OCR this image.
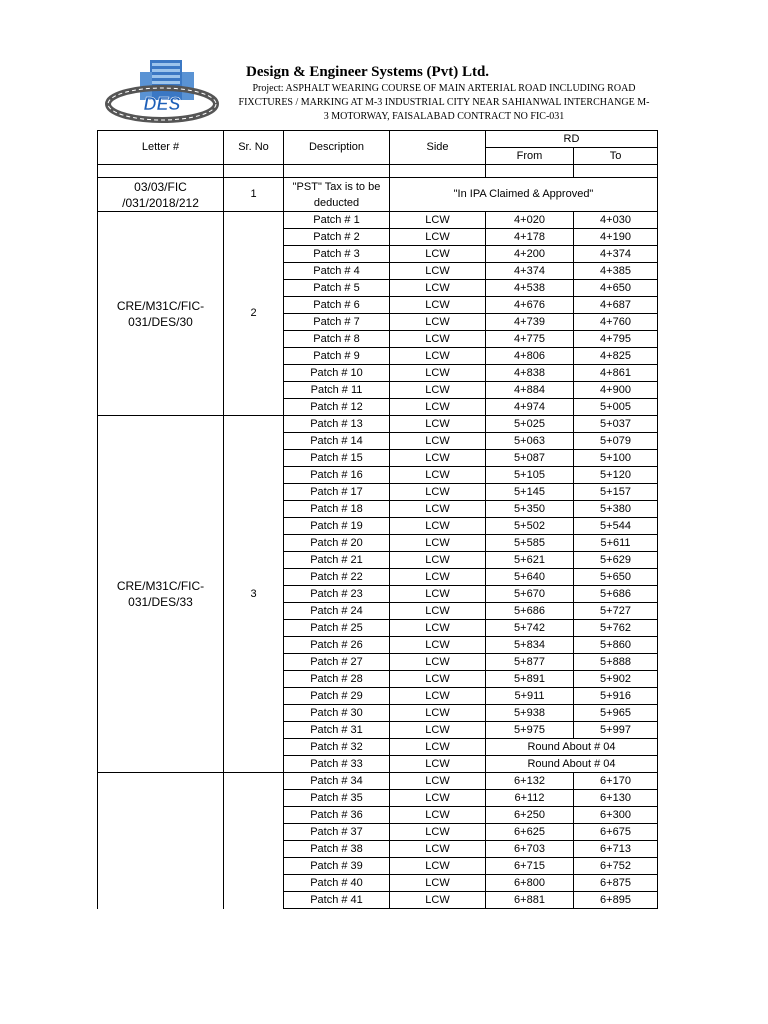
DES
Design & Engineer Systems (Pvt) Ltd.
Project: ASPHALT WEARING COURSE OF MAIN ARTERIAL ROAD INCLUDING ROAD
FIXCTURES / MARKING AT M-3 INDUSTRIAL CITY NEAR SAHIANWAL INTERCHANGE M-
3 MOTORWAY, FAISALABAD CONTRACT NO FIC-031
Letter #	Sr. No	Description	Side	RD	
				From	To

03/03/FIC /031/2018/212	1	"PST" Tax is to be deducted	"In IPA Claimed & Approved"		
CRE/M31C/FIC-031/DES/30	2	Patch # 1	LCW	4+020	4+030
		Patch # 2	LCW	4+178	4+190
		Patch # 3	LCW	4+200	4+374
		Patch # 4	LCW	4+374	4+385
		Patch # 5	LCW	4+538	4+650
		Patch # 6	LCW	4+676	4+687
		Patch # 7	LCW	4+739	4+760
		Patch # 8	LCW	4+775	4+795
		Patch # 9	LCW	4+806	4+825
		Patch # 10	LCW	4+838	4+861
		Patch # 11	LCW	4+884	4+900
		Patch # 12	LCW	4+974	5+005
CRE/M31C/FIC-031/DES/33	3	Patch # 13	LCW	5+025	5+037
		Patch # 14	LCW	5+063	5+079
		Patch # 15	LCW	5+087	5+100
		Patch # 16	LCW	5+105	5+120
		Patch # 17	LCW	5+145	5+157
		Patch # 18	LCW	5+350	5+380
		Patch # 19	LCW	5+502	5+544
		Patch # 20	LCW	5+585	5+611
		Patch # 21	LCW	5+621	5+629
		Patch # 22	LCW	5+640	5+650
		Patch # 23	LCW	5+670	5+686
		Patch # 24	LCW	5+686	5+727
		Patch # 25	LCW	5+742	5+762
		Patch # 26	LCW	5+834	5+860
		Patch # 27	LCW	5+877	5+888
		Patch # 28	LCW	5+891	5+902
		Patch # 29	LCW	5+911	5+916
		Patch # 30	LCW	5+938	5+965
		Patch # 31	LCW	5+975	5+997
		Patch # 32	LCW	Round About # 04	
		Patch # 33	LCW	Round About # 04	
		Patch # 34	LCW	6+132	6+170
		Patch # 35	LCW	6+112	6+130
		Patch # 36	LCW	6+250	6+300
		Patch # 37	LCW	6+625	6+675
		Patch # 38	LCW	6+703	6+713
		Patch # 39	LCW	6+715	6+752
		Patch # 40	LCW	6+800	6+875
		Patch # 41	LCW	6+881	6+895
